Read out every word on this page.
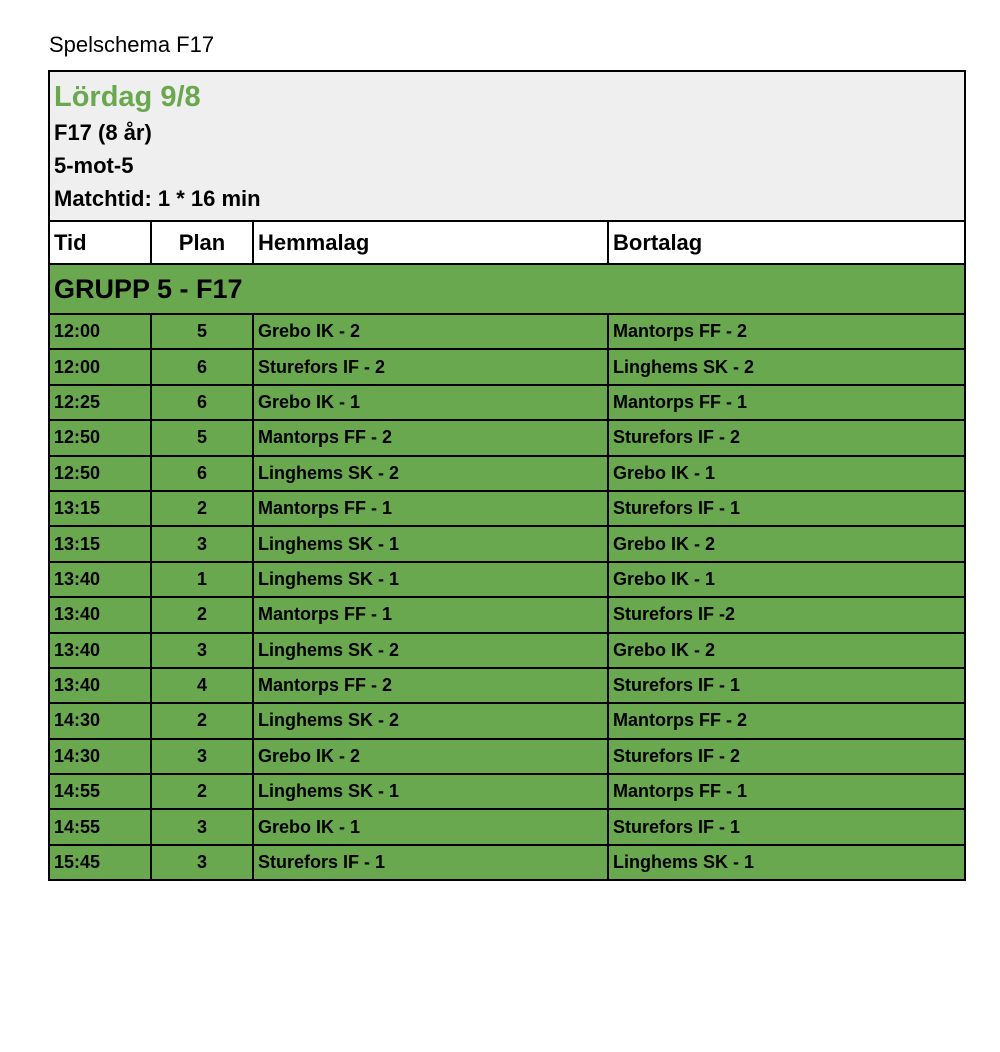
Spelschema F17
Lördag 9/8
F17 (8 år)
5-mot-5
Matchtid: 1 * 16 min			

Tid	Plan	Hemmalag	Bortalag
GRUPP 5 - F17			
12:00	5	Grebo IK - 2	Mantorps FF - 2
12:00	6	Sturefors IF - 2	Linghems SK - 2
12:25	6	Grebo IK - 1	Mantorps FF - 1
12:50	5	Mantorps FF - 2	Sturefors IF - 2
12:50	6	Linghems SK - 2	Grebo IK - 1
13:15	2	Mantorps FF - 1	Sturefors IF - 1
13:15	3	Linghems SK - 1	Grebo IK - 2
13:40	1	Linghems SK - 1	Grebo IK - 1
13:40	2	Mantorps FF - 1	Sturefors IF -2
13:40	3	Linghems SK - 2	Grebo IK - 2
13:40	4	Mantorps FF - 2	Sturefors IF - 1
14:30	2	Linghems SK - 2	Mantorps FF - 2
14:30	3	Grebo IK - 2	Sturefors IF - 2
14:55	2	Linghems SK - 1	Mantorps FF - 1
14:55	3	Grebo IK - 1	Sturefors IF - 1
15:45	3	Sturefors IF - 1	Linghems SK - 1
